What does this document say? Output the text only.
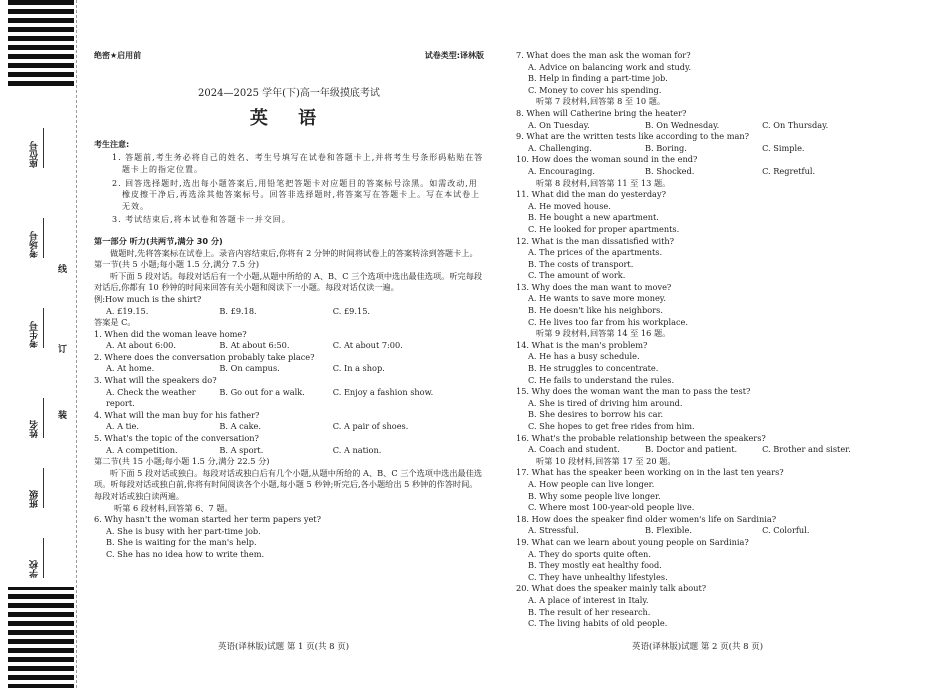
座位号
考场号
考生号
姓名
班级
学校
线
订
装
绝密★启用前	试卷类型:译林版
2024—2025 学年(下)高一年级摸底考试
英 语
考生注意:
1. 答题前,考生务必将自己的姓名、考生号填写在试卷和答题卡上,并将考生号条形码粘贴在答题卡上的指定位置。
2. 回答选择题时,选出每小题答案后,用铅笔把答题卡对应题目的答案标号涂黑。如需改动,用橡皮擦干净后,再选涂其他答案标号。回答非选择题时,将答案写在答题卡上。写在本试卷上无效。
3. 考试结束后,将本试卷和答题卡一并交回。
第一部分 听力(共两节,满分 30 分)

做题时,先将答案标在试卷上。录音内容结束后,你将有 2 分钟的时间将试卷上的答案转涂到答题卡上。

第一节(共 5 小题;每小题 1.5 分,满分 7.5 分)

听下面 5 段对话。每段对话后有一个小题,从题中所给的 A、B、C 三个选项中选出最佳选项。听完每段对话后,你都有 10 秒钟的时间来回答有关小题和阅读下一小题。每段对话仅读一遍。

例:How much is the shirt?
A. £19.15.	B. £9.18.	C. £9.15.
答案是 C。
1. When did the woman leave home?
A. At about 6:00.	B. At about 6:50.	C. At about 7:00.
2. Where does the conversation probably take place?
A. At home.	B. On campus.	C. In a shop.
3. What will the speakers do?
A. Check the weather report.
B. Go out for a walk.	C. Enjoy a fashion show.
4. What will the man buy for his father?
A. A tie.	B. A cake.	C. A pair of shoes.
5. What's the topic of the conversation?
A. A competition.	B. A sport.	C. A nation.
第二节(共 15 小题;每小题 1.5 分,满分 22.5 分)

听下面 5 段对话或独白。每段对话或独白后有几个小题,从题中所给的 A、B、C 三个选项中选出最佳选项。听每段对话或独白前,你将有时间阅读各个小题,每小题 5 秒钟;听完后,各小题给出 5 秒钟的作答时间。每段对话或独白读两遍。

听第 6 段材料,回答第 6、7 题。
6. Why hasn't the woman started her term papers yet?
A. She is busy with her part-time job.
B. She is waiting for the man's help.
C. She has no idea how to write them.
7. What does the man ask the woman for?
A. Advice on balancing work and study.
B. Help in finding a part-time job.
C. Money to cover his spending.
听第 7 段材料,回答第 8 至 10 题。
8. When will Catherine bring the heater?
A. On Tuesday.	B. On Wednesday.	C. On Thursday.
9. What are the written tests like according to the man?
A. Challenging.	B. Boring.	C. Simple.
10. How does the woman sound in the end?
A. Encouraging.	B. Shocked.	C. Regretful.
听第 8 段材料,回答第 11 至 13 题。
11. What did the man do yesterday?
A. He moved house.
B. He bought a new apartment.
C. He looked for proper apartments.
12. What is the man dissatisfied with?
A. The prices of the apartments.
B. The costs of transport.
C. The amount of work.
13. Why does the man want to move?
A. He wants to save more money.
B. He doesn't like his neighbors.
C. He lives too far from his workplace.
听第 9 段材料,回答第 14 至 16 题。
14. What is the man's problem?
A. He has a busy schedule.
B. He struggles to concentrate.
C. He fails to understand the rules.
15. Why does the woman want the man to pass the test?
A. She is tired of driving him around.
B. She desires to borrow his car.
C. She hopes to get free rides from him.
16. What's the probable relationship between the speakers?
A. Coach and student.	B. Doctor and patient.	C. Brother and sister.
听第 10 段材料,回答第 17 至 20 题。
17. What has the speaker been working on in the last ten years?
A. How people can live longer.
B. Why some people live longer.
C. Where most 100-year-old people live.
18. How does the speaker find older women's life on Sardinia?
A. Stressful.	B. Flexible.	C. Colorful.
19. What can we learn about young people on Sardinia?
A. They do sports quite often.
B. They mostly eat healthy food.
C. They have unhealthy lifestyles.
20. What does the speaker mainly talk about?
A. A place of interest in Italy.
B. The result of her research.
C. The living habits of old people.
英语(译林版)试题 第 1 页(共 8 页)	英语(译林版)试题 第 2 页(共 8 页)
